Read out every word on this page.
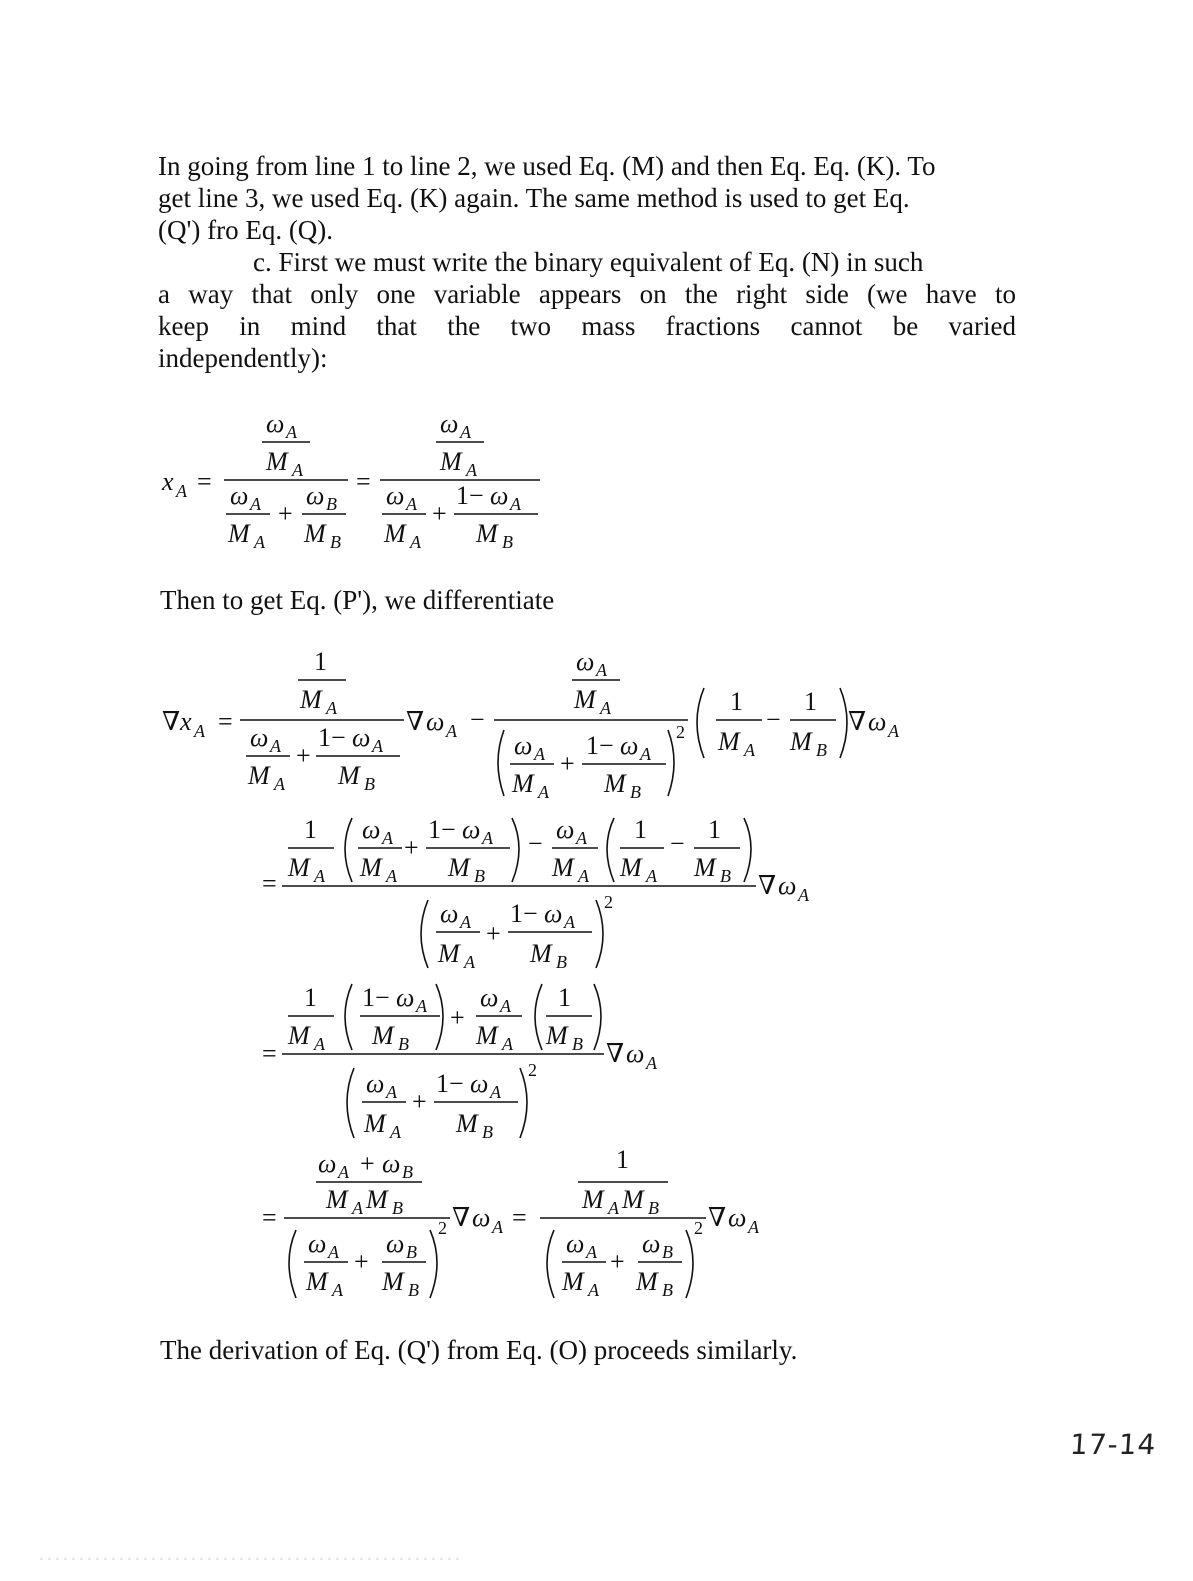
In going from line 1 to line 2, we used Eq. (M) and then Eq. Eq. (K). To
get line 3, we used Eq. (K) again. The same method is used to get Eq.
(Q') fro Eq. (Q).
c. First we must write the binary equivalent of Eq. (N) in such
a way that only one variable appears on the right side (we have to
keep in mind that the two mass fractions cannot be varied
independently):
Then to get Eq. (P'), we differentiate
The derivation of Eq. (Q') from Eq. (O) proceeds similarly.
17-14
x A =
ω A
M A
ω A
M A
+
ω B
M B
=
ω A
M A
ω A
M A
+
1− ω A
M B
∇ x A =
1
M A
ω A
M A
+
1− ω A
M B
∇ ω A −
ω A
M A
ω A
M A
+
1− ω A
M B
2
1
M A
−
1
M B
∇ ω A
=
1
M A
ω A
M A
+
1− ω A
M B
− ω A
M A
1
M A
− 1
M B ∇ ω A
ω A
M A
+
1− ω A
M B
2
=
1
M A
1− ω A
M B
+
ω A
M A
1
M B ∇ ω A
ω A
M A
+
1− ω A
M B
2
=
ω A + ω B
M A M B ∇ ω A =
ω A
M A
+
ω B
M B
2
1
M A M B ∇ ω A
ω A
M A
+
ω B
M B
2
